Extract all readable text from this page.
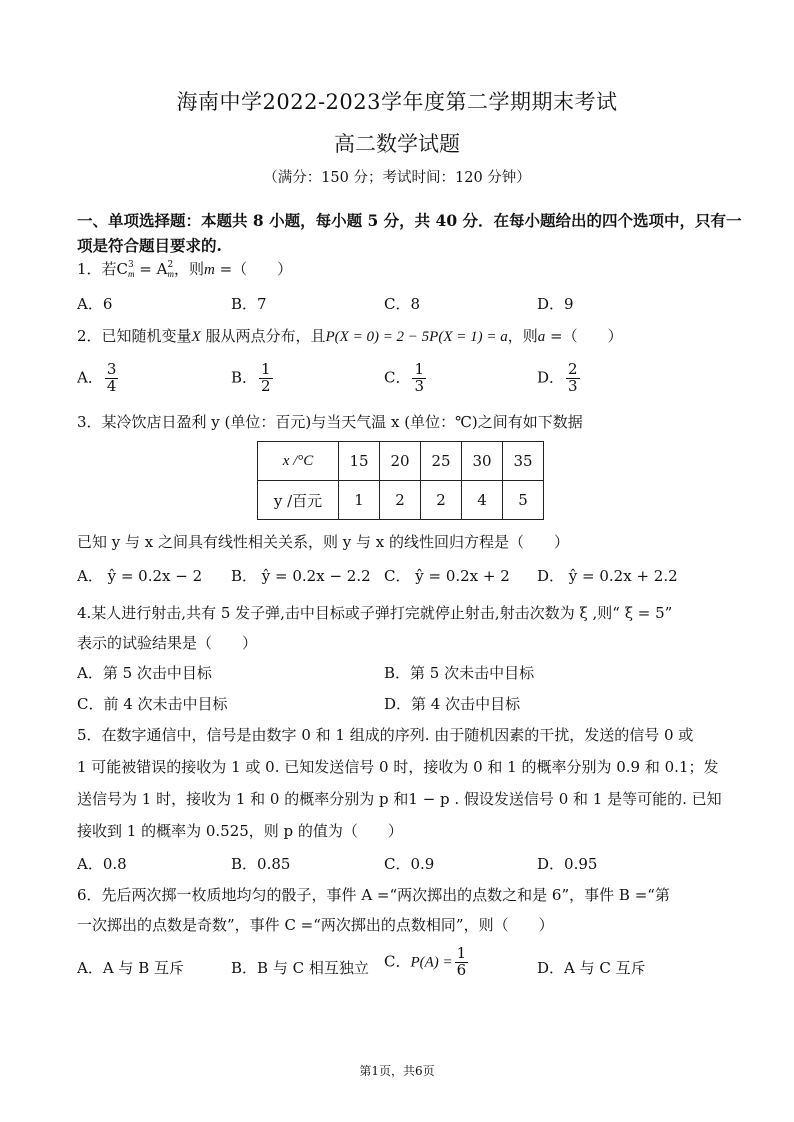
海南中学2022-2023学年度第二学期期末考试
高二数学试题
（满分：150 分；考试时间：120 分钟）
一、单项选择题：本题共 8 小题，每小题 5 分，共 40 分．在每小题给出的四个选项中，只有一
项是符合题目要求的.
1．若C 3
m = A 2
m ，则m =（　　）
A．6	B．7	C．8	D．9
2．已知随机变量X 服从两点分布，且P(X = 0) = 2 − 5P(X = 1) = a，则a =（　　）
A． $\frac{3}{4}$	B． $\frac{1}{2}$	C． $\frac{1}{3}$	D． $\frac{2}{3}$
3．某冷饮店日盈利 y (单位：百元)与当天气温 x (单位：℃)之间有如下数据
x /°C	15	20	25	30	35
y /百元	1	2	2	4	5
已知 y 与 x 之间具有线性相关关系，则 y 与 x 的线性回归方程是（　　）
A． ŷ = 0.2x − 2 B． ŷ = 0.2x − 2.2 C． ŷ = 0.2x + 2 D． ŷ = 0.2x + 2.2
4.某人进行射击,共有 5 发子弹,击中目标或子弹打完就停止射击,射击次数为 ξ ,则“ ξ = 5”
表示的试验结果是（　　）
A．第 5 次击中目标	B．第 5 次未击中目标
C．前 4 次未击中目标	D．第 4 次击中目标
5．在数字通信中，信号是由数字 0 和 1 组成的序列. 由于随机因素的干扰，发送的信号 0 或
1 可能被错误的接收为 1 或 0. 已知发送信号 0 时，接收为 0 和 1 的概率分别为 0.9 和 0.1；发
送信号为 1 时，接收为 1 和 0 的概率分别为 p 和1 − p . 假设发送信号 0 和 1 是等可能的. 已知
接收到 1 的概率为 0.525，则 p 的值为（　　）
A．0.8	B．0.85	C．0.9	D．0.95
6．先后两次掷一枚质地均匀的骰子，事件 A =“两次掷出的点数之和是 6”，事件 B =“第
一次掷出的点数是奇数”，事件 C =“两次掷出的点数相同”，则（　　）
A．A 与 B 互斥	B．B 与 C 相互独立 C．$P(A) = \frac{1}{6}$	D．A 与 C 互斥
第1页，共6页
